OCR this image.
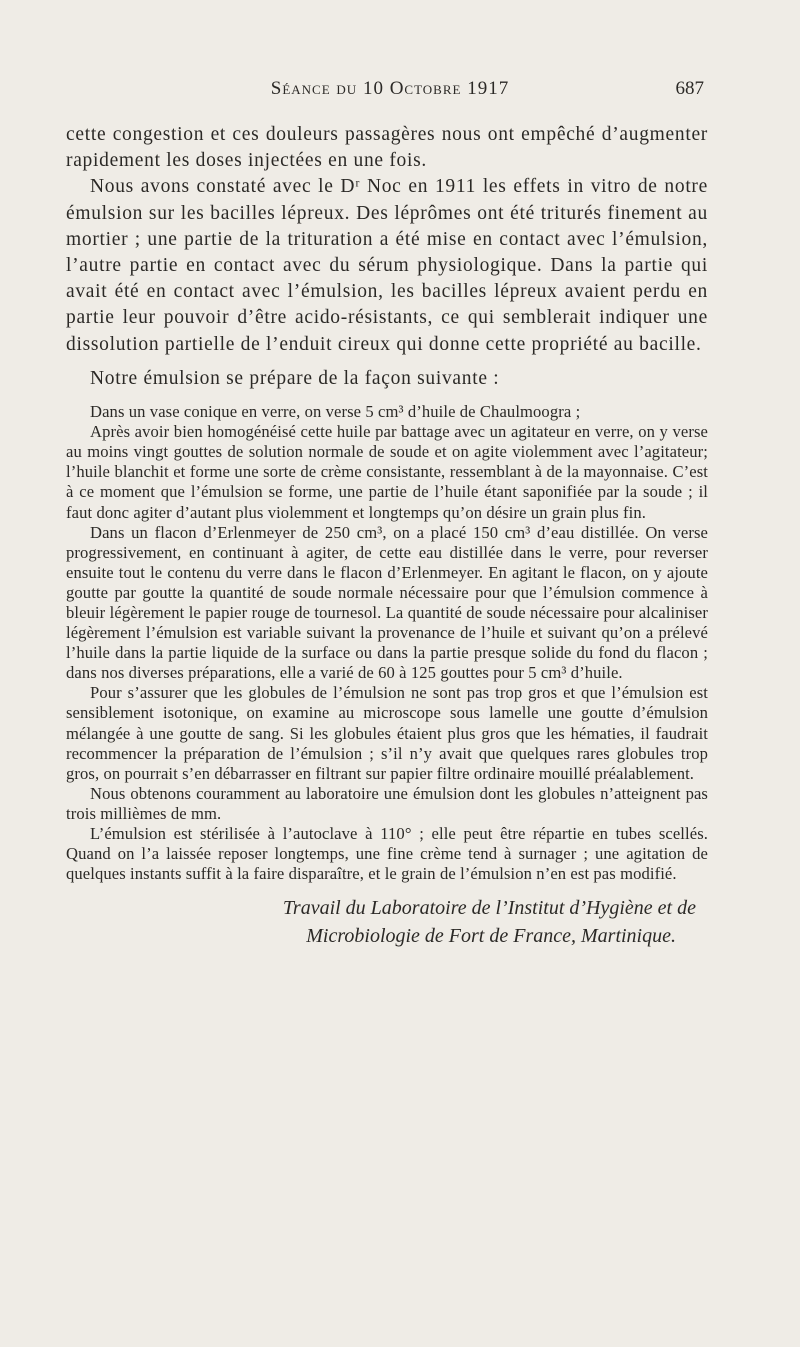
Séance du 10 Octobre 1917	687

cette congestion et ces douleurs passagères nous ont empêché d’augmenter rapidement les doses injectées en une fois.

Nous avons constaté avec le Dʳ Noc en 1911 les effets in vitro de notre émulsion sur les bacilles lépreux. Des léprômes ont été triturés finement au mortier ; une partie de la trituration a été mise en contact avec l’émulsion, l’autre partie en contact avec du sérum physiologique. Dans la partie qui avait été en contact avec l’émulsion, les bacilles lépreux avaient perdu en partie leur pouvoir d’être acido-résistants, ce qui semblerait indiquer une dissolution partielle de l’enduit cireux qui donne cette propriété au bacille.

Notre émulsion se prépare de la façon suivante :

Dans un vase conique en verre, on verse 5 cm³ d’huile de Chaulmoogra ;

Après avoir bien homogénéisé cette huile par battage avec un agitateur en verre, on y verse au moins vingt gouttes de solution normale de soude et on agite violemment avec l’agitateur; l’huile blanchit et forme une sorte de crème consistante, ressemblant à de la mayonnaise. C’est à ce moment que l’émulsion se forme, une partie de l’huile étant saponifiée par la soude ; il faut donc agiter d’autant plus violemment et longtemps qu’on désire un grain plus fin.

Dans un flacon d’Erlenmeyer de 250 cm³, on a placé 150 cm³ d’eau distillée. On verse progressivement, en continuant à agiter, de cette eau distillée dans le verre, pour reverser ensuite tout le contenu du verre dans le flacon d’Erlenmeyer. En agitant le flacon, on y ajoute goutte par goutte la quantité de soude normale nécessaire pour que l’émulsion commence à bleuir légèrement le papier rouge de tournesol. La quantité de soude nécessaire pour alcaliniser légèrement l’émulsion est variable suivant la provenance de l’huile et suivant qu’on a prélevé l’huile dans la partie liquide de la surface ou dans la partie presque solide du fond du flacon ; dans nos diverses préparations, elle a varié de 60 à 125 gouttes pour 5 cm³ d’huile.

Pour s’assurer que les globules de l’émulsion ne sont pas trop gros et que l’émulsion est sensiblement isotonique, on examine au microscope sous lamelle une goutte d’émulsion mélangée à une goutte de sang. Si les globules étaient plus gros que les hématies, il faudrait recommencer la préparation de l’émulsion ; s’il n’y avait que quelques rares globules trop gros, on pourrait s’en débarrasser en filtrant sur papier filtre ordinaire mouillé préalablement.

Nous obtenons couramment au laboratoire une émulsion dont les globules n’atteignent pas trois millièmes de mm.

L’émulsion est stérilisée à l’autoclave à 110° ; elle peut être répartie en tubes scellés. Quand on l’a laissée reposer longtemps, une fine crème tend à surnager ; une agitation de quelques instants suffit à la faire disparaître, et le grain de l’émulsion n’en est pas modifié.

Travail du Laboratoire de l’Institut d’Hygiène et de
Microbiologie de Fort de France, Martinique.
